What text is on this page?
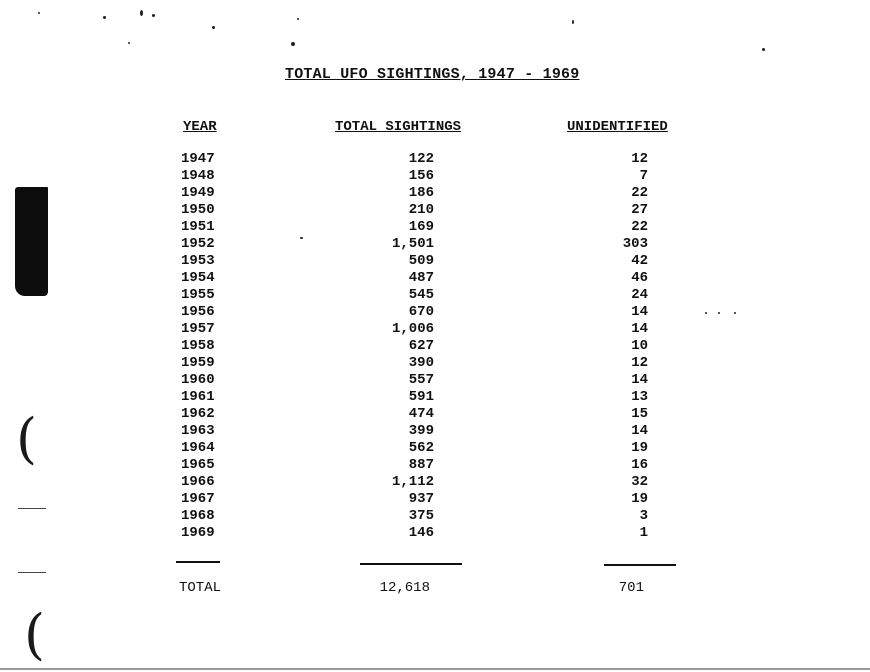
(
(
TOTAL UFO SIGHTINGS, 1947 - 1969
YEAR	TOTAL SIGHTINGS	UNIDENTIFIED
1947	122	12
1948	156	7
1949	186	22
1950	210	27
1951	169	22
1952	1,501	303
1953	509	42
1954	487	46
1955	545	24
1956	670	14
1957	1,006	14
1958	627	10
1959	390	12
1960	557	14
1961	591	13
1962	474	15
1963	399	14
1964	562	19
1965	887	16
1966	1,112	32
1967	937	19
1968	375	3
1969	146	1
TOTAL	12,618	701
